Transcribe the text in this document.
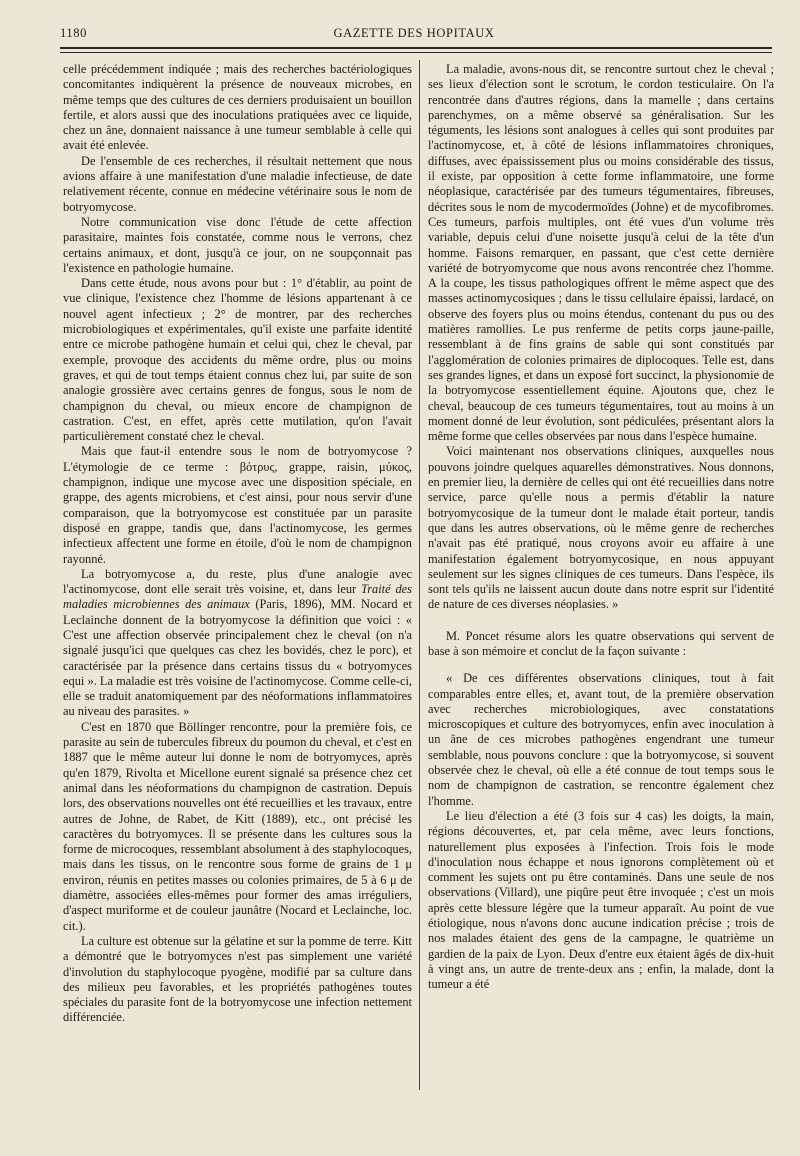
1180	GAZETTE DES HOPITAUX

celle précédemment indiquée ; mais des recherches bactériologiques concomitantes indiquèrent la présence de nouveaux microbes, en même temps que des cultures de ces derniers produisaient un bouillon fertile, et alors aussi que des inoculations pratiquées avec ce liquide, chez un âne, donnaient naissance à une tumeur semblable à celle qui avait été enlevée.

De l'ensemble de ces recherches, il résultait nettement que nous avions affaire à une manifestation d'une maladie infectieuse, de date relativement récente, connue en médecine vétérinaire sous le nom de botryomycose.

Notre communication vise donc l'étude de cette affection parasitaire, maintes fois constatée, comme nous le verrons, chez certains animaux, et dont, jusqu'à ce jour, on ne soupçonnait pas l'existence en pathologie humaine.

Dans cette étude, nous avons pour but : 1° d'établir, au point de vue clinique, l'existence chez l'homme de lésions appartenant à ce nouvel agent infectieux ; 2° de montrer, par des recherches microbiologiques et expérimentales, qu'il existe une parfaite identité entre ce microbe pathogène humain et celui qui, chez le cheval, par exemple, provoque des accidents du même ordre, plus ou moins graves, et qui de tout temps étaient connus chez lui, par suite de son analogie grossière avec certains genres de fongus, sous le nom de champignon du cheval, ou mieux encore de champignon de castration. C'est, en effet, après cette mutilation, qu'on l'avait particulièrement constaté chez le cheval.

Mais que faut-il entendre sous le nom de botryomycose ? L'étymologie de ce terme : βότρυς, grappe, raisin, μύκος, champignon, indique une mycose avec une disposition spéciale, en grappe, des agents microbiens, et c'est ainsi, pour nous servir d'une comparaison, que la botryomycose est constituée par un parasite disposé en grappe, tandis que, dans l'actinomycose, les germes infectieux affectent une forme en étoile, d'où le nom de champignon rayonné.

La botryomycose a, du reste, plus d'une analogie avec l'actinomycose, dont elle serait très voisine, et, dans leur Traité des maladies microbiennes des animaux (Paris, 1896), MM. Nocard et Leclainche donnent de la botryomycose la définition que voici : « C'est une affection observée principalement chez le cheval (on n'a signalé jusqu'ici que quelques cas chez les bovidés, chez le porc), et caractérisée par la présence dans certains tissus du « botryomyces equi ». La maladie est très voisine de l'actinomycose. Comme celle-ci, elle se traduit anatomiquement par des néoformations inflammatoires au niveau des parasites. »

C'est en 1870 que Böllinger rencontre, pour la première fois, ce parasite au sein de tubercules fibreux du poumon du cheval, et c'est en 1887 que le même auteur lui donne le nom de botryomyces, après qu'en 1879, Rivolta et Micellone eurent signalé sa présence chez cet animal dans les néoformations du champignon de castration. Depuis lors, des observations nouvelles ont été recueillies et les travaux, entre autres de Johne, de Rabet, de Kitt (1889), etc., ont précisé les caractères du botryomyces. Il se présente dans les cultures sous la forme de microcoques, ressemblant absolument à des staphylocoques, mais dans les tissus, on le rencontre sous forme de grains de 1 μ environ, réunis en petites masses ou colonies primaires, de 5 à 6 μ de diamètre, associées elles-mêmes pour former des amas irréguliers, d'aspect muriforme et de couleur jaunâtre (Nocard et Leclainche, loc. cit.).

La culture est obtenue sur la gélatine et sur la pomme de terre. Kitt a démontré que le botryomyces n'est pas simplement une variété d'involution du staphylocoque pyogène, modifié par sa culture dans des milieux peu favorables, et les propriétés pathogènes toutes spéciales du parasite font de la botryomycose une infection nettement différenciée.

La maladie, avons-nous dit, se rencontre surtout chez le cheval ; ses lieux d'élection sont le scrotum, le cordon testiculaire. On l'a rencontrée dans d'autres régions, dans la mamelle ; dans certains parenchymes, on a même observé sa généralisation. Sur les téguments, les lésions sont analogues à celles qui sont produites par l'actinomycose, et, à côté de lésions inflammatoires chroniques, diffuses, avec épaississement plus ou moins considérable des tissus, il existe, par opposition à cette forme inflammatoire, une forme néoplasique, caractérisée par des tumeurs tégumentaires, fibreuses, décrites sous le nom de mycodermoïdes (Johne) et de mycofibromes. Ces tumeurs, parfois multiples, ont été vues d'un volume très variable, depuis celui d'une noisette jusqu'à celui de la tête d'un homme. Faisons remarquer, en passant, que c'est cette dernière variété de botryomycome que nous avons rencontrée chez l'homme. A la coupe, les tissus pathologiques offrent le même aspect que des masses actinomycosiques ; dans le tissu cellulaire épaissi, lardacé, on observe des foyers plus ou moins étendus, contenant du pus ou des matières ramollies. Le pus renferme de petits corps jaune-paille, ressemblant à de fins grains de sable qui sont constitués par l'agglomération de colonies primaires de diplocoques. Telle est, dans ses grandes lignes, et dans un exposé fort succinct, la physionomie de la botryomycose essentiellement équine. Ajoutons que, chez le cheval, beaucoup de ces tumeurs tégumentaires, tout au moins à un moment donné de leur évolution, sont pédiculées, présentant alors la même forme que celles observées par nous dans l'espèce humaine.

Voici maintenant nos observations cliniques, auxquelles nous pouvons joindre quelques aquarelles démonstratives. Nous donnons, en premier lieu, la dernière de celles qui ont été recueillies dans notre service, parce qu'elle nous a permis d'établir la nature botryomycosique de la tumeur dont le malade était porteur, tandis que dans les autres observations, où le même genre de recherches n'avait pas été pratiqué, nous croyons avoir eu affaire à une manifestation également botryomycosique, en nous appuyant seulement sur les signes cliniques de ces tumeurs. Dans l'espèce, ils sont tels qu'ils ne laissent aucun doute dans notre esprit sur l'identité de nature de ces diverses néoplasies. »

M. Poncet résume alors les quatre observations qui servent de base à son mémoire et conclut de la façon suivante :

« De ces différentes observations cliniques, tout à fait comparables entre elles, et, avant tout, de la première observation avec recherches microbiologiques, avec constatations microscopiques et culture des botryomyces, enfin avec inoculation à un âne de ces microbes pathogènes engendrant une tumeur semblable, nous pouvons conclure : que la botryomycose, si souvent observée chez le cheval, où elle a été connue de tout temps sous le nom de champignon de castration, se rencontre également chez l'homme.

Le lieu d'élection a été (3 fois sur 4 cas) les doigts, la main, régions découvertes, et, par cela même, avec leurs fonctions, naturellement plus exposées à l'infection. Trois fois le mode d'inoculation nous échappe et nous ignorons complètement où et comment les sujets ont pu être contaminés. Dans une seule de nos observations (Villard), une piqûre peut être invoquée ; c'est un mois après cette blessure légère que la tumeur apparaît. Au point de vue étiologique, nous n'avons donc aucune indication précise ; trois de nos malades étaient des gens de la campagne, le quatrième un gardien de la paix de Lyon. Deux d'entre eux étaient âgés de dix-huit à vingt ans, un autre de trente-deux ans ; enfin, la malade, dont la tumeur a été
